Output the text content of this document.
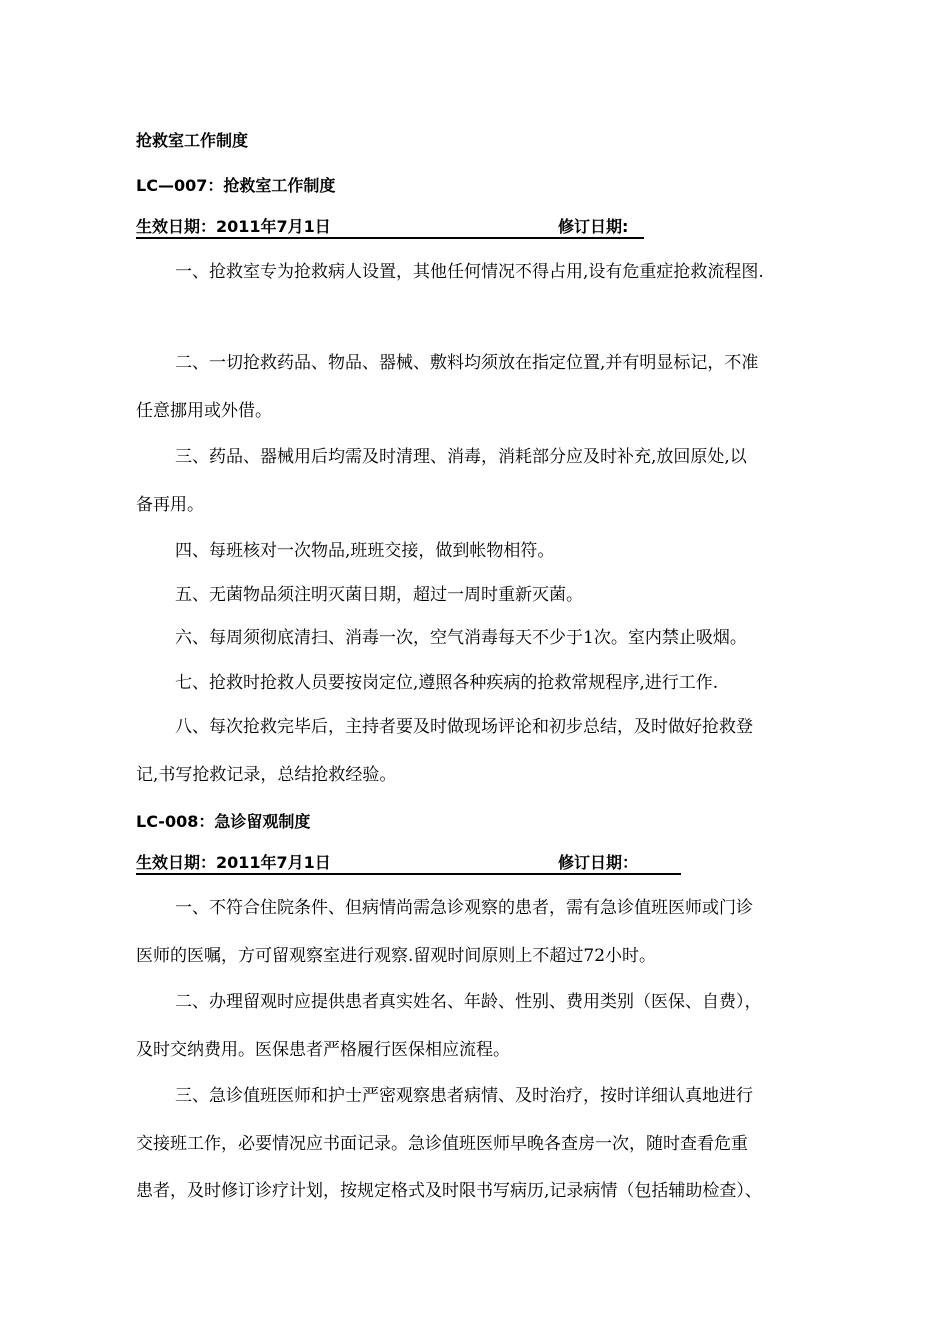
抢救室工作制度

LC—007：抢救室工作制度

生效日期：2011年7月1日	修订日期:

一、抢救室专为抢救病人设置，其他任何情况不得占用,设有危重症抢救流程图.

二、一切抢救药品、物品、器械、敷料均须放在指定位置,并有明显标记，不准

任意挪用或外借。

三、药品、器械用后均需及时清理、消毒，消耗部分应及时补充,放回原处,以

备再用。

四、每班核对一次物品,班班交接，做到帐物相符。

五、无菌物品须注明灭菌日期，超过一周时重新灭菌。

六、每周须彻底清扫、消毒一次，空气消毒每天不少于1次。室内禁止吸烟。

七、抢救时抢救人员要按岗定位,遵照各种疾病的抢救常规程序,进行工作.

八、每次抢救完毕后，主持者要及时做现场评论和初步总结，及时做好抢救登

记,书写抢救记录，总结抢救经验。

LC-008：急诊留观制度

生效日期：2011年7月1日	修订日期：

一、不符合住院条件、但病情尚需急诊观察的患者，需有急诊值班医师或门诊

医师的医嘱，方可留观察室进行观察.留观时间原则上不超过72小时。

二、办理留观时应提供患者真实姓名、年龄、性别、费用类别（医保、自费），

及时交纳费用。医保患者严格履行医保相应流程。

三、急诊值班医师和护士严密观察患者病情、及时治疗，按时详细认真地进行

交接班工作，必要情况应书面记录。急诊值班医师早晚各查房一次，随时查看危重

患者，及时修订诊疗计划，按规定格式及时限书写病历,记录病情（包括辅助检查）、
